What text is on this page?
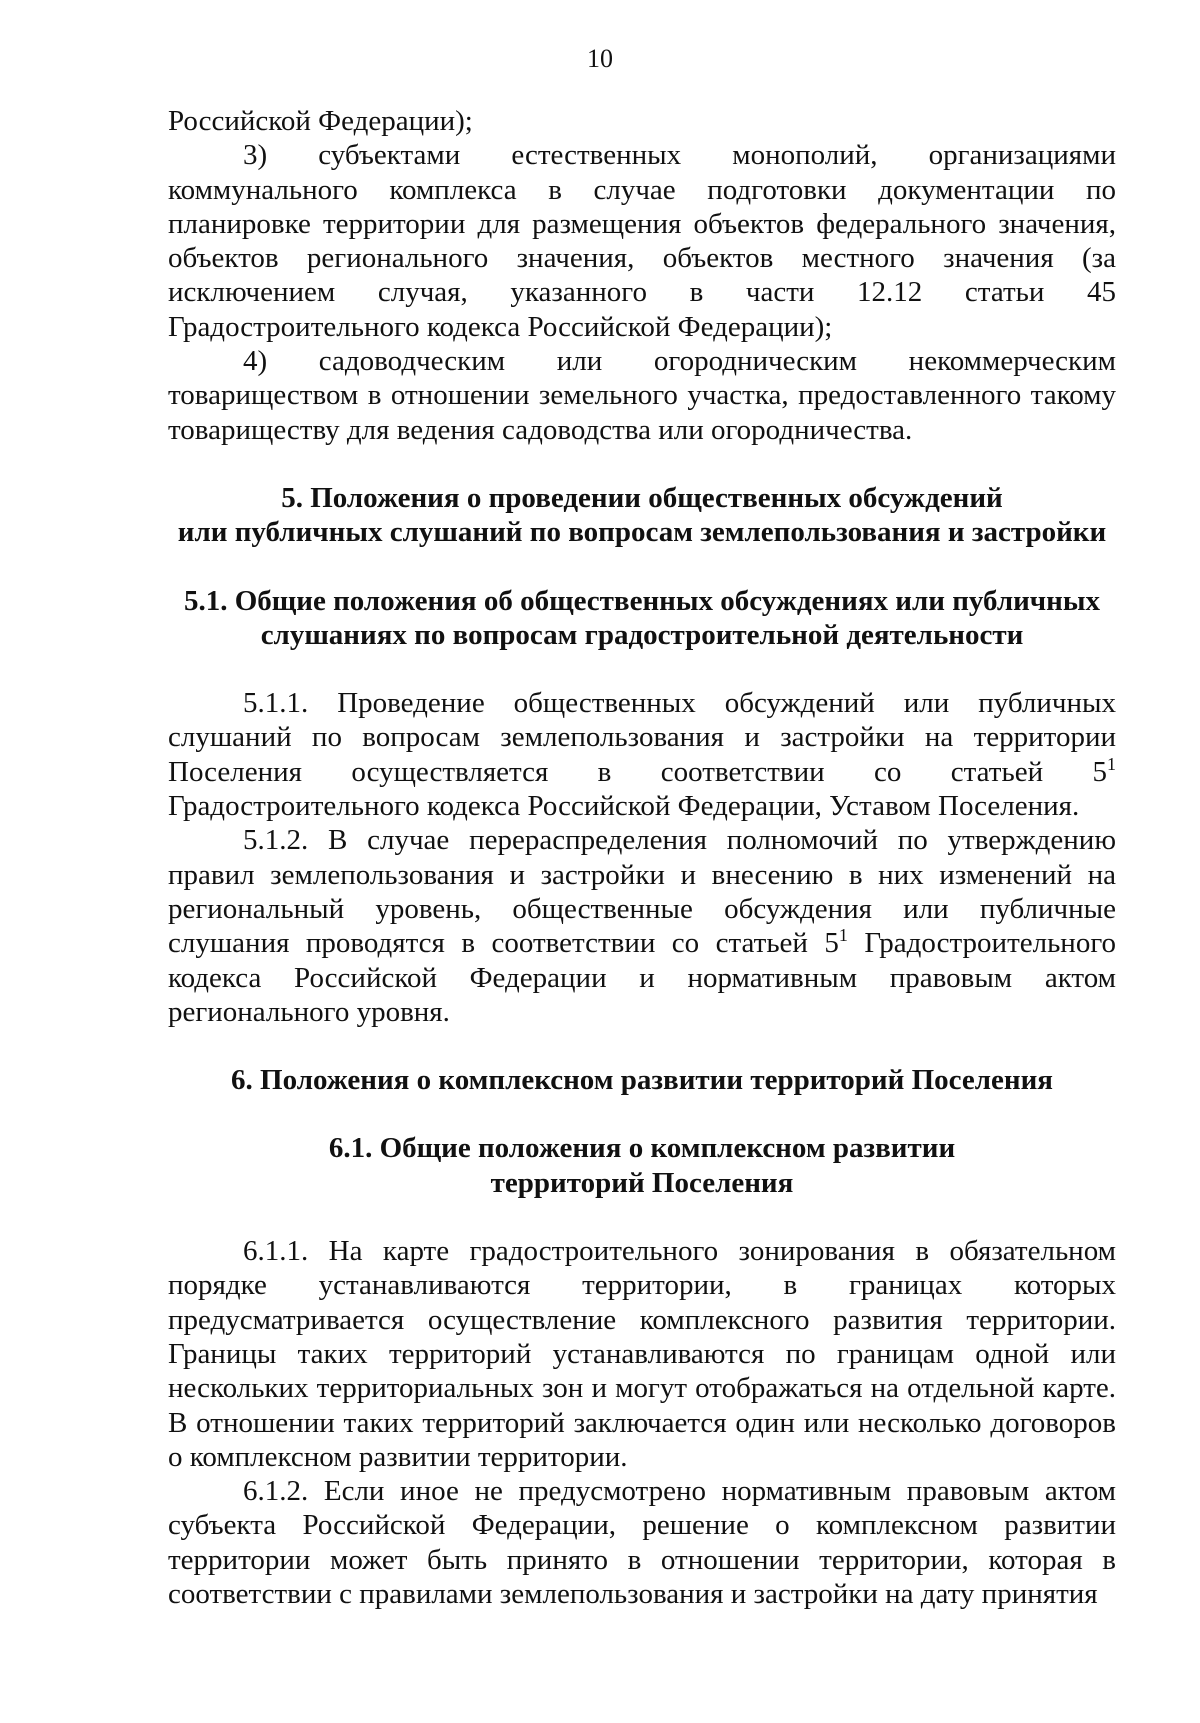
10

Российской Федерации);

3) субъектами естественных монополий, организациями коммунального комплекса в случае подготовки документации по планировке территории для размещения объектов федерального значения, объектов регионального значения, объектов местного значения (за исключением случая, указанного в части 12.12 статьи 45 Градостроительного кодекса Российской Федерации);

4) садоводческим или огородническим некоммерческим товариществом в отношении земельного участка, предоставленного такому товариществу для ведения садоводства или огородничества.

5. Положения о проведении общественных обсуждений

или публичных слушаний по вопросам землепользования и застройки

5.1. Общие положения об общественных обсуждениях или публичных

слушаниях по вопросам градостроительной деятельности

5.1.1. Проведение общественных обсуждений или публичных слушаний по вопросам землепользования и застройки на территории Поселения осуществляется в соответствии со статьей $5^1$ Градостроительного кодекса Российской Федерации, Уставом Поселения.

5.1.2. В случае перераспределения полномочий по утверждению правил землепользования и застройки и внесению в них изменений на региональный уровень, общественные обсуждения или публичные слушания проводятся в соответствии со статьей $5^1$ Градостроительного кодекса Российской Федерации и нормативным правовым актом регионального уровня.

6. Положения о комплексном развитии территорий Поселения

6.1. Общие положения о комплексном развитии

территорий Поселения

6.1.1. На карте градостроительного зонирования в обязательном порядке устанавливаются территории, в границах которых предусматривается осуществление комплексного развития территории. Границы таких территорий устанавливаются по границам одной или нескольких территориальных зон и могут отображаться на отдельной карте. В отношении таких территорий заключается один или несколько договоров о комплексном развитии территории.

6.1.2. Если иное не предусмотрено нормативным правовым актом субъекта Российской Федерации, решение о комплексном развитии территории может быть принято в отношении территории, которая в соответствии с правилами землепользования и застройки на дату принятия
